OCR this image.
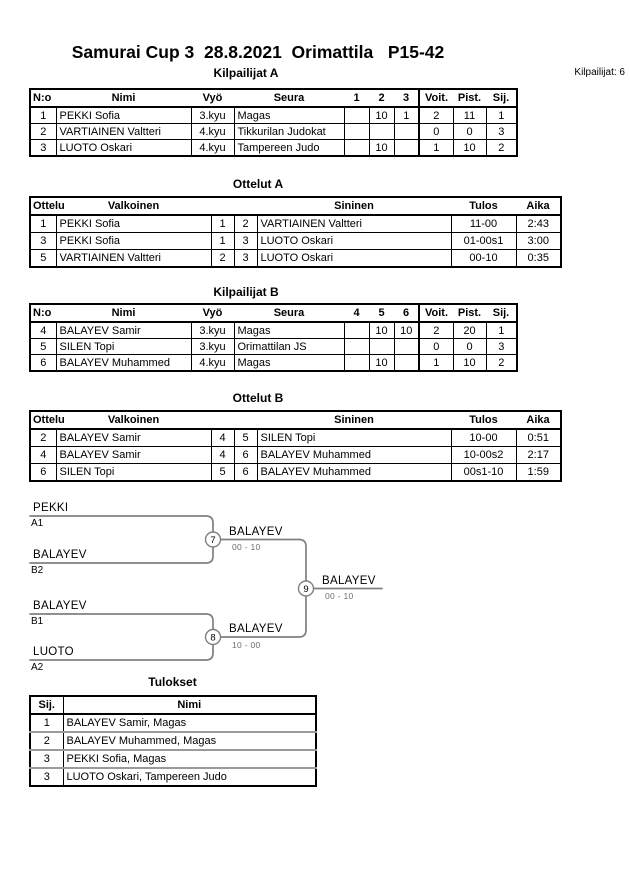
Samurai Cup 3  28.8.2021  Orimattila   P15-42
Kilpailijat: 6
Kilpailijat A
N:o	Nimi	Vyö	Seura	1	2	3	Voit.	Pist.	Sij.
1	PEKKI Sofia	3.kyu	Magas		10	1	2	11	1
2	VARTIAINEN Valtteri	4.kyu	Tikkurilan Judokat				0	0	3
3	LUOTO Oskari	4.kyu	Tampereen Judo		10		1	10	2
Ottelut A
Ottelu	Valkoinen			Sininen	Tulos	Aika
1	PEKKI Sofia	1	2	VARTIAINEN Valtteri	11-00	2:43
3	PEKKI Sofia	1	3	LUOTO Oskari	01-00s1	3:00
5	VARTIAINEN Valtteri	2	3	LUOTO Oskari	00-10	0:35
Kilpailijat B
N:o	Nimi	Vyö	Seura	4	5	6	Voit.	Pist.	Sij.
4	BALAYEV Samir	3.kyu	Magas		10	10	2	20	1
5	SILEN Topi	3.kyu	Orimattilan JS				0	0	3
6	BALAYEV Muhammed	4.kyu	Magas		10		1	10	2
Ottelut B
Ottelu	Valkoinen			Sininen	Tulos	Aika
2	BALAYEV Samir	4	5	SILEN Topi	10-00	0:51
4	BALAYEV Samir	4	6	BALAYEV Muhammed	10-00s2	2:17
6	SILEN Topi	5	6	BALAYEV Muhammed	00s1-10	1:59
7
8
9
PEKKI
A1
BALAYEV
B2
BALAYEV
B1
LUOTO
A2
BALAYEV
00 - 10
BALAYEV
10 - 00
BALAYEV
00 - 10
Tulokset
Sij.	Nimi
1	BALAYEV Samir, Magas
2	BALAYEV Muhammed, Magas
3	PEKKI Sofia, Magas
3	LUOTO Oskari, Tampereen Judo
